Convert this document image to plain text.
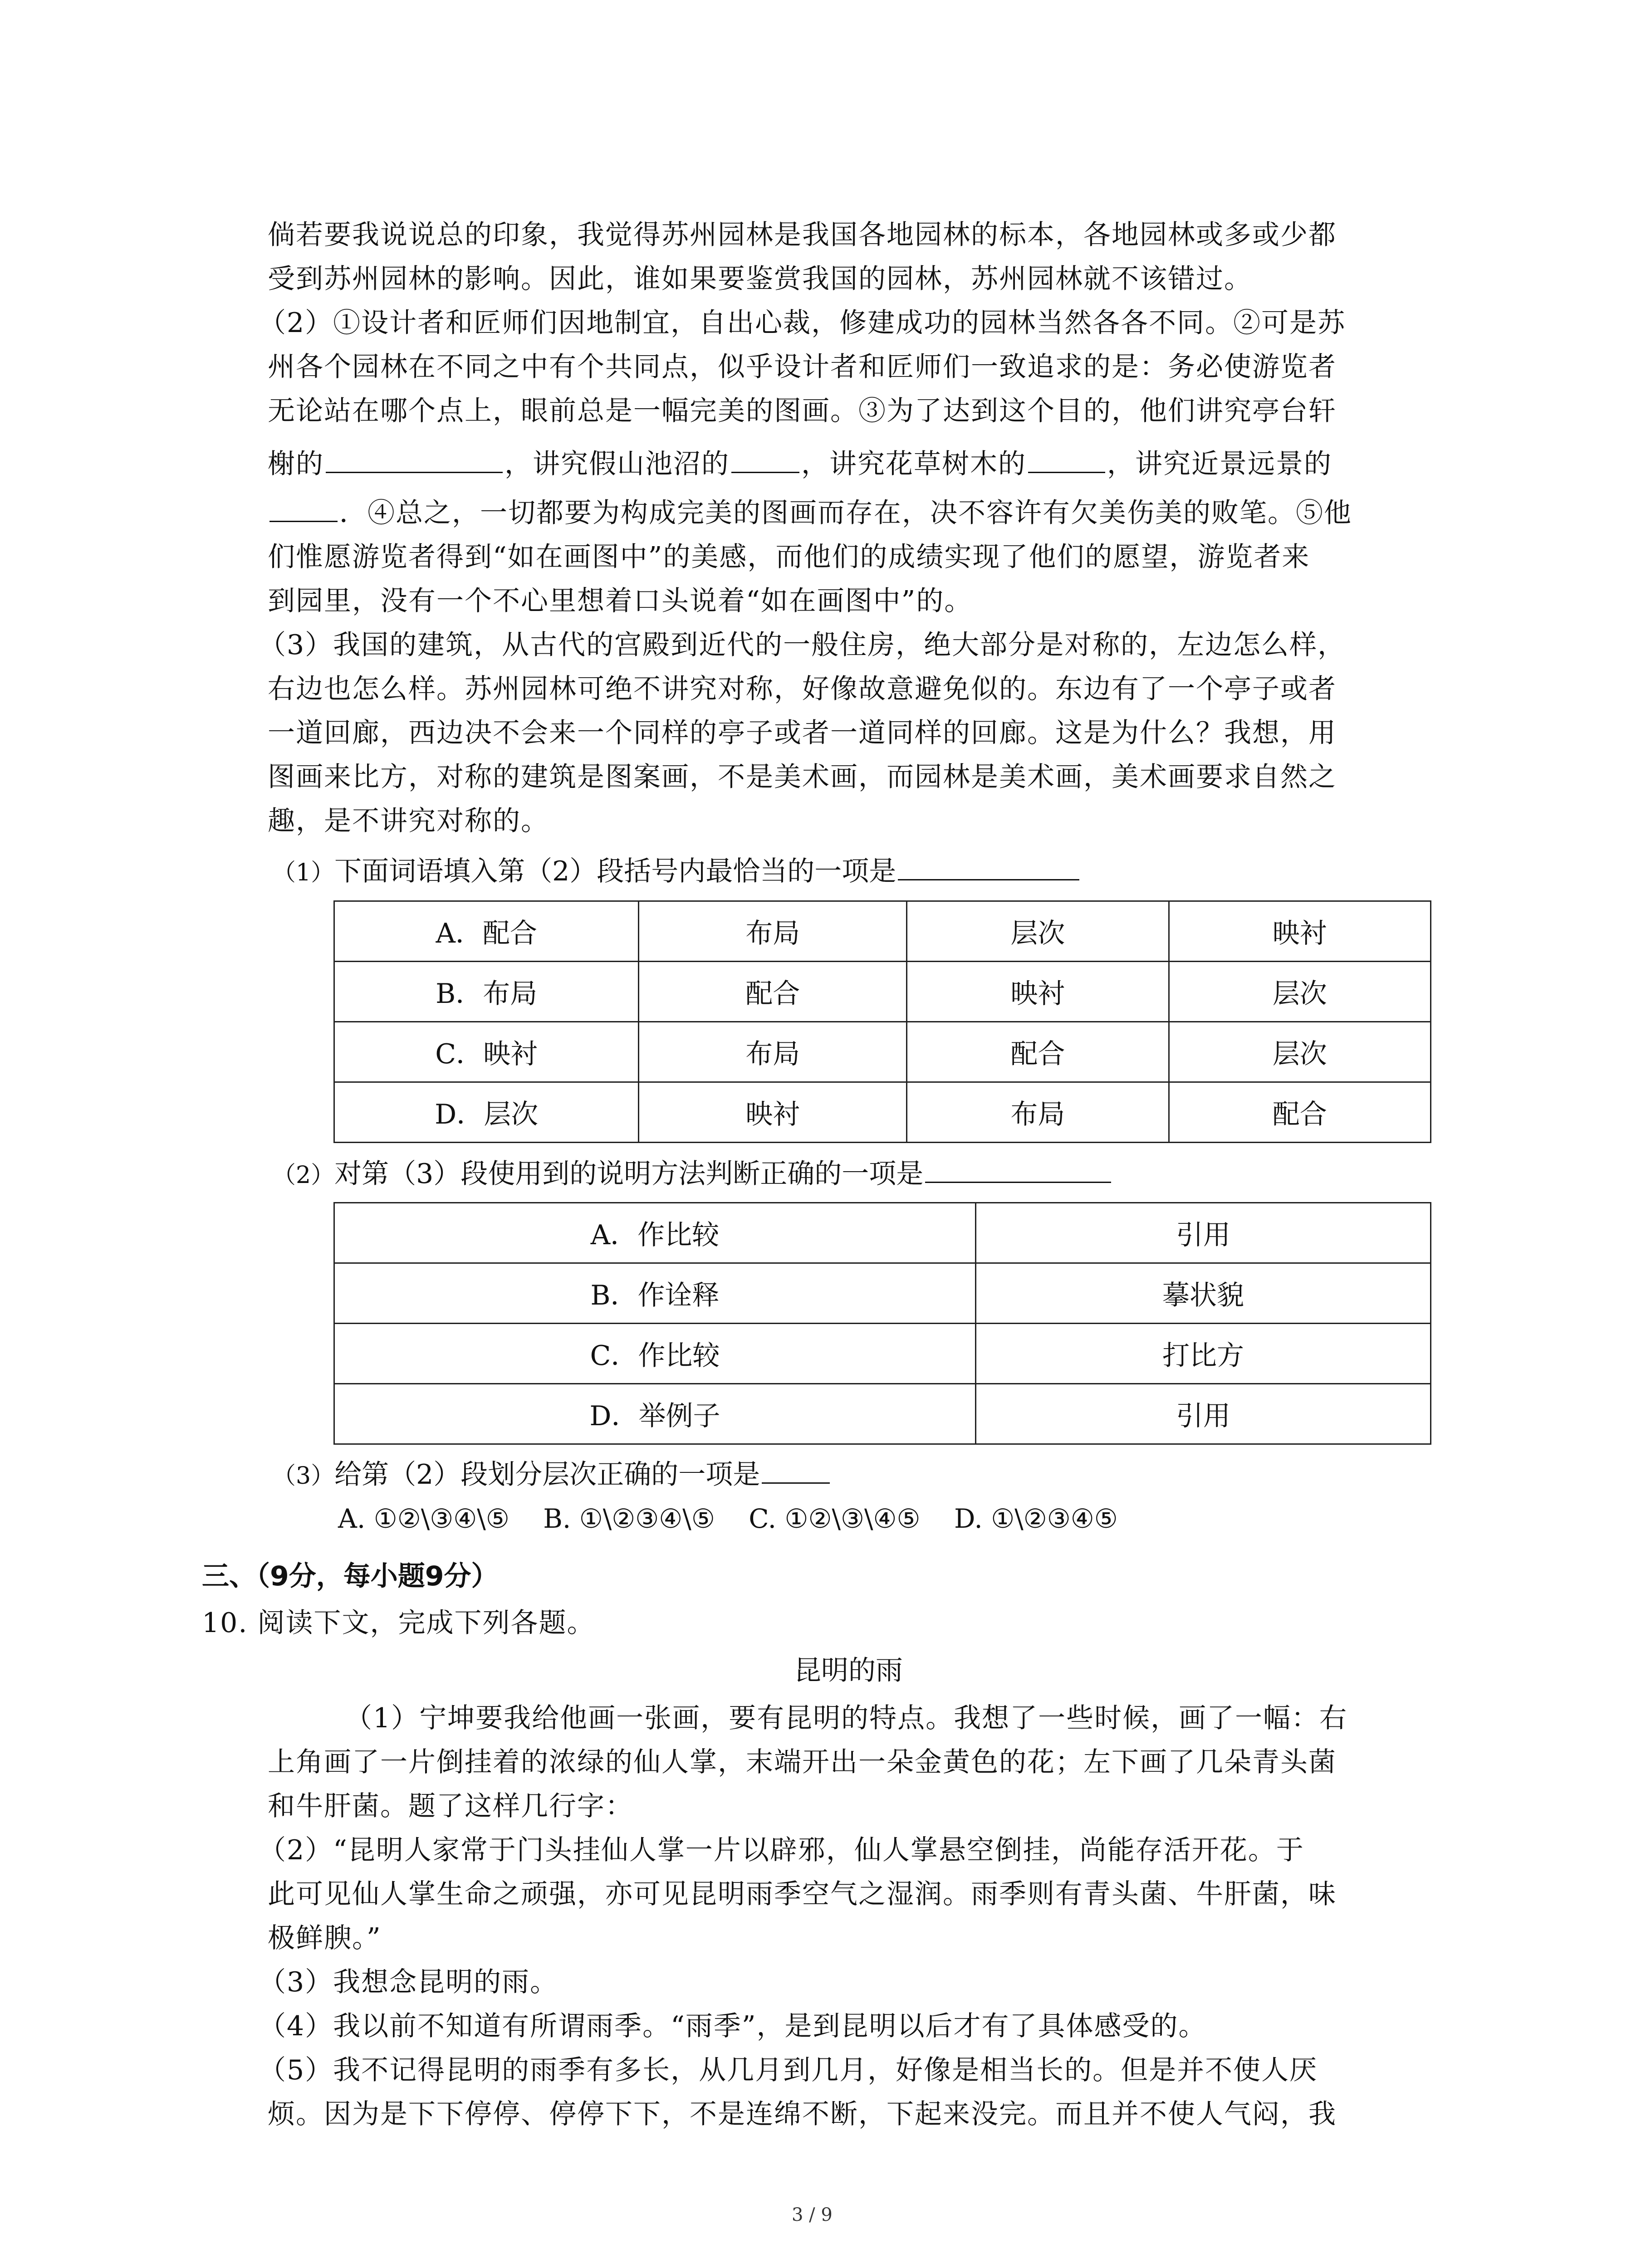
倘若要我说说总的印象，我觉得苏州园林是我国各地园林的标本，各地园林或多或少都
受到苏州园林的影响。因此，谁如果要鉴赏我国的园林，苏州园林就不该错过。
（2）①设计者和匠师们因地制宜，自出心裁，修建成功的园林当然各各不同。②可是苏
州各个园林在不同之中有个共同点，似乎设计者和匠师们一致追求的是：务必使游览者
无论站在哪个点上，眼前总是一幅完美的图画。③为了达到这个目的，他们讲究亭台轩
榭的	，讲究假山池沼的	，讲究花草树木的	，讲究近景远景的
．④总之，一切都要为构成完美的图画而存在，决不容许有欠美伤美的败笔。⑤他
们惟愿游览者得到“如在画图中”的美感，而他们的成绩实现了他们的愿望，游览者来
到园里，没有一个不心里想着口头说着“如在画图中”的。
（3）我国的建筑，从古代的宫殿到近代的一般住房，绝大部分是对称的，左边怎么样，
右边也怎么样。苏州园林可绝不讲究对称，好像故意避免似的。东边有了一个亭子或者
一道回廊，西边决不会来一个同样的亭子或者一道同样的回廊。这是为什么？我想，用
图画来比方，对称的建筑是图案画，不是美术画，而园林是美术画，美术画要求自然之
趣，是不讲究对称的。
（1）下面词语填入第（2）段括号内最恰当的一项是
A．配合	布局	层次	映衬
B．布局	配合	映衬	层次
C．映衬	布局	配合	层次
D．层次	映衬	布局	配合
（2）对第（3）段使用到的说明方法判断正确的一项是
A．作比较	引用
B．作诠释	摹状貌
C．作比较	打比方
D．举例子	引用
（3）给第（2）段划分层次正确的一项是
A. ①②\③④\⑤ B. ①\②③④\⑤ C. ①②\③\④⑤ D. ①\②③④⑤
三、（9分，每小题9分）
10. 阅读下文，完成下列各题。
昆明的雨
（1）宁坤要我给他画一张画，要有昆明的特点。我想了一些时候，画了一幅：右
上角画了一片倒挂着的浓绿的仙人掌，末端开出一朵金黄色的花；左下画了几朵青头菌
和牛肝菌。题了这样几行字：
（2）“昆明人家常于门头挂仙人掌一片以辟邪，仙人掌悬空倒挂，尚能存活开花。于
此可见仙人掌生命之顽强，亦可见昆明雨季空气之湿润。雨季则有青头菌、牛肝菌，味
极鲜腴。”
（3）我想念昆明的雨。
（4）我以前不知道有所谓雨季。“雨季”，是到昆明以后才有了具体感受的。
（5）我不记得昆明的雨季有多长，从几月到几月，好像是相当长的。但是并不使人厌
烦。因为是下下停停、停停下下，不是连绵不断，下起来没完。而且并不使人气闷，我
3 / 9
